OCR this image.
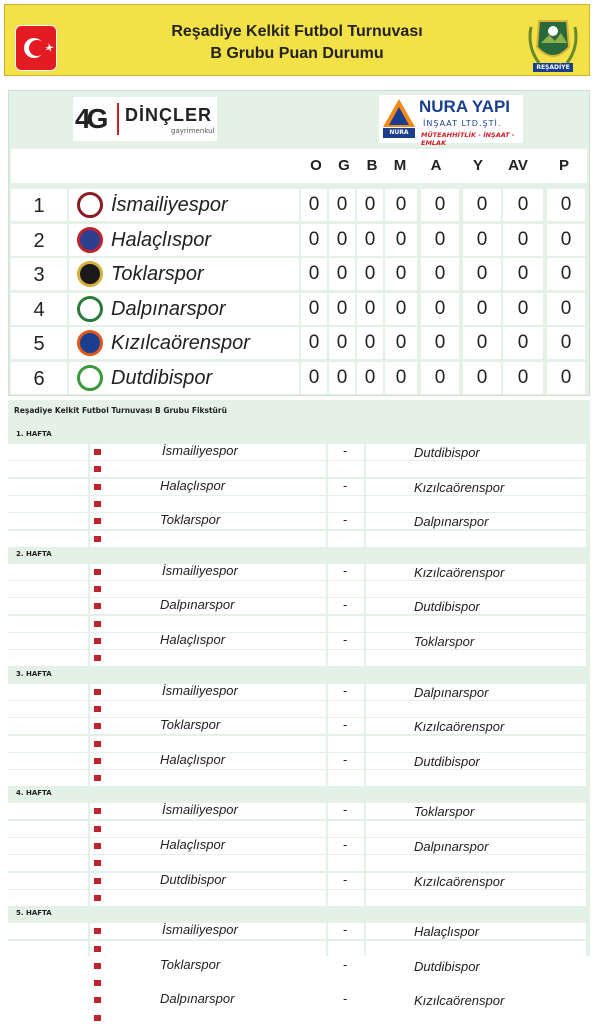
Reşadiye Kelkit Futbol Turnuvası
B Grubu Puan Durumu
REŞADİYE
4G DİNÇLER
gayrimenkul	NURA
NURA YAPI
İNŞAAT LTD.ŞTİ.
MÜTEAHHİTLİK - İNŞAAT - EMLAK
O	G	B	M	A	Y	AV	P
1	İsmailiyespor	0 0 0	0	0	0	0	0
2	Halaçlıspor	0 0 0	0	0	0	0	0
3	Toklarspor	0 0 0	0	0	0	0	0
4	Dalpınarspor	0 0 0	0	0	0	0	0
5	Kızılcaörenspor	0 0 0	0	0	0	0	0
6	Dutdibispor	0 0 0	0	0	0	0	0
Reşadiye Kelkit Futbol Turnuvası B Grubu Fikstürü
1. HAFTA
İsmailiyespor	-	Dutdibispor
Halaçlıspor	-	Kızılcaörenspor
Toklarspor	-	Dalpınarspor
2. HAFTA
İsmailiyespor	-	Kızılcaörenspor
Dalpınarspor	-	Dutdibispor
Halaçlıspor	-	Toklarspor
3. HAFTA
İsmailiyespor	-	Dalpınarspor
Toklarspor	-	Kızılcaörenspor
Halaçlıspor	-	Dutdibispor
4. HAFTA
İsmailiyespor	-	Toklarspor
Halaçlıspor	-	Dalpınarspor
Dutdibispor	-	Kızılcaörenspor
5. HAFTA
İsmailiyespor	-	Halaçlıspor
Toklarspor	-	Dutdibispor
Dalpınarspor	-	Kızılcaörenspor
